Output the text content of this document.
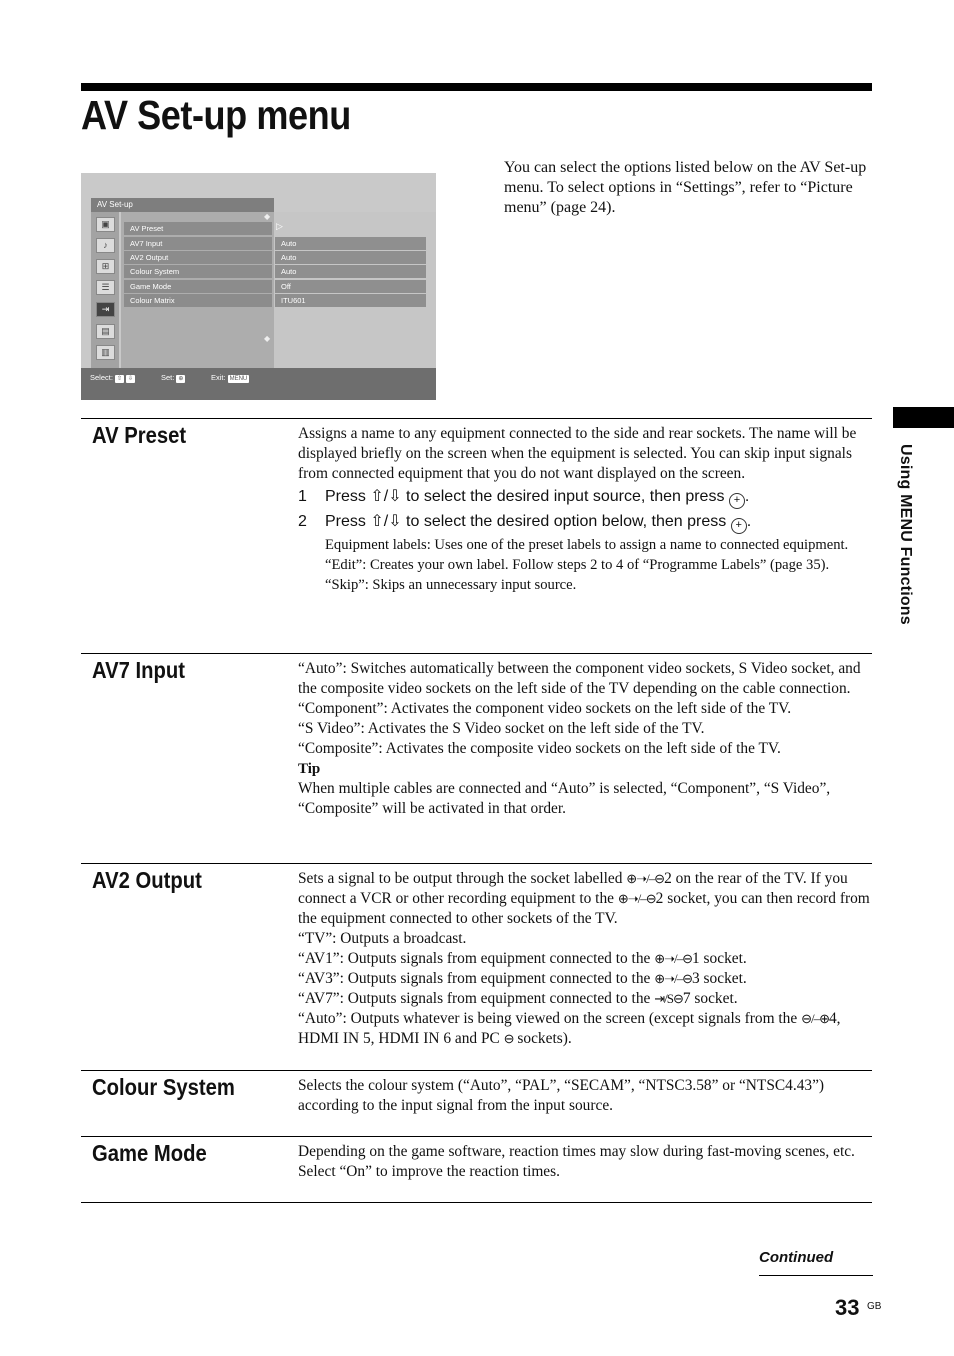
AV Set-up menu
You can select the options listed below on the AV Set-up menu. To select options in “Settings”, refer to “Picture menu” (page 24).
AV Set-up
▣
♪
⊞
☰
⇥
▤
▥
AV Preset
AV7 Input
AV2 Output
Colour System
Game Mode
Colour Matrix
◆
◆
▷
Auto
Auto
Auto
Off
ITU601
Select: ⇧ ⇩	Set: ⊕	Exit: MENU
AV Preset	Assigns a name to any equipment connected to the side and rear sockets. The name will be displayed briefly on the screen when the equipment is selected. You can skip input signals from connected equipment that you do not want displayed on the screen.

1 Press ⇧/⇩ to select the desired input source, then press + .
2 Press ⇧/⇩ to select the desired option below, then press + .
Equipment labels: Uses one of the preset labels to assign a name to connected equipment.
“Edit”: Creates your own label. Follow steps 2 to 4 of “Programme Labels” (page 35).
“Skip”: Skips an unnecessary input source.
AV7 Input	“Auto”: Switches automatically between the component video sockets, S Video socket, and the composite video sockets on the left side of the TV depending on the cable connection.

“Component”: Activates the component video sockets on the left side of the TV.

“S Video”: Activates the S Video socket on the left side of the TV.

“Composite”: Activates the composite video sockets on the left side of the TV.

Tip

When multiple cables are connected and “Auto” is selected, “Component”, “S Video”, “Composite” will be activated in that order.

AV2 Output	Sets a signal to be output through the socket labelled ⊕➝/–⊖2 on the rear of the TV. If you connect a VCR or other recording equipment to the ⊕➝/–⊖2 socket, you can then record from the equipment connected to other sockets of the TV.

“TV”: Outputs a broadcast.

“AV1”: Outputs signals from equipment connected to the ⊕➝/–⊖1 socket.

“AV3”: Outputs signals from equipment connected to the ⊕➝/–⊖3 socket.

“AV7”: Outputs signals from equipment connected to the ⇥/S⊖7 socket.

“Auto”: Outputs whatever is being viewed on the screen (except signals from the ⊖/–⊕4, HDMI IN 5, HDMI IN 6 and PC ⊖ sockets).

Colour System	Selects the colour system (“Auto”, “PAL”, “SECAM”, “NTSC3.58” or “NTSC4.43”) according to the input signal from the input source.

Game Mode	Depending on the game software, reaction times may slow during fast-moving scenes, etc. Select “On” to improve the reaction times.

Using MENU Functions
Continued
33 GB
